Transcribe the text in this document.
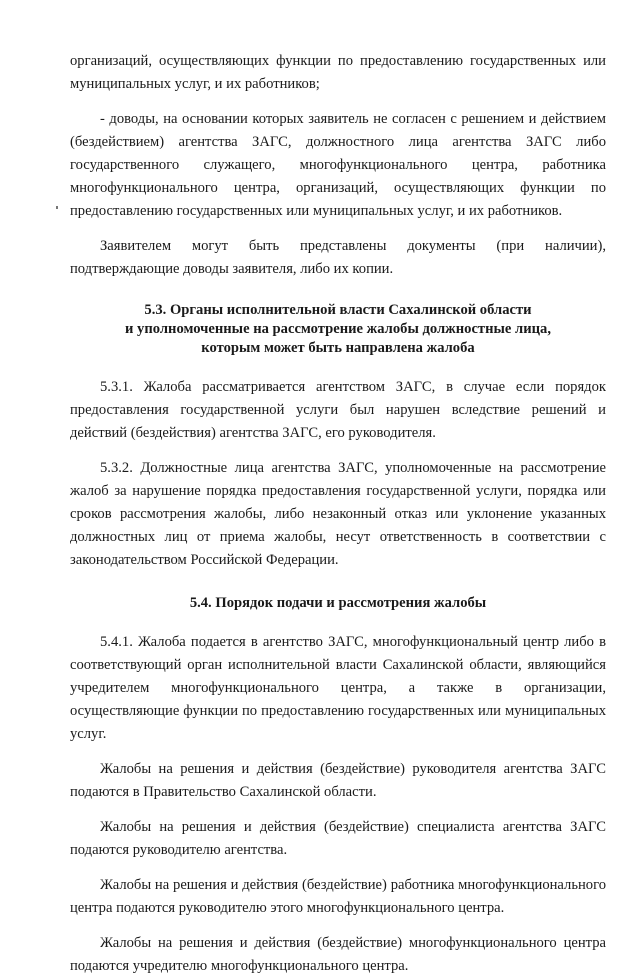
организаций, осуществляющих функции по предоставлению государственных или муниципальных услуг, и их работников;

- доводы, на основании которых заявитель не согласен с решением и действием (бездействием) агентства ЗАГС, должностного лица агентства ЗАГС либо государственного служащего, многофункционального центра, работника многофункционального центра, организаций, осуществляющих функции по предоставлению государственных или муниципальных услуг, и их работников.

Заявителем могут быть представлены документы (при наличии), подтверждающие доводы заявителя, либо их копии.

5.3. Органы исполнительной власти Сахалинской области
и уполномоченные на рассмотрение жалобы должностные лица,
которым может быть направлена жалоба

5.3.1. Жалоба рассматривается агентством ЗАГС, в случае если порядок предоставления государственной услуги был нарушен вследствие решений и действий (бездействия) агентства ЗАГС, его руководителя.

5.3.2. Должностные лица агентства ЗАГС, уполномоченные на рассмотрение жалоб за нарушение порядка предоставления государственной услуги, порядка или сроков рассмотрения жалобы, либо незаконный отказ или уклонение указанных должностных лиц от приема жалобы, несут ответственность в соответствии с законодательством Российской Федерации.

5.4. Порядок подачи и рассмотрения жалобы

5.4.1. Жалоба подается в агентство ЗАГС, многофункциональный центр либо в соответствующий орган исполнительной власти Сахалинской области, являющийся учредителем многофункционального центра, а также в организации, осуществляющие функции по предоставлению государственных или муниципальных услуг.

Жалобы на решения и действия (бездействие) руководителя агентства ЗАГС подаются в Правительство Сахалинской области.

Жалобы на решения и действия (бездействие) специалиста агентства ЗАГС подаются руководителю агентства.

Жалобы на решения и действия (бездействие) работника многофункционального центра подаются руководителю этого многофункционального центра.

Жалобы на решения и действия (бездействие) многофункционального центра подаются учредителю многофункционального центра.
